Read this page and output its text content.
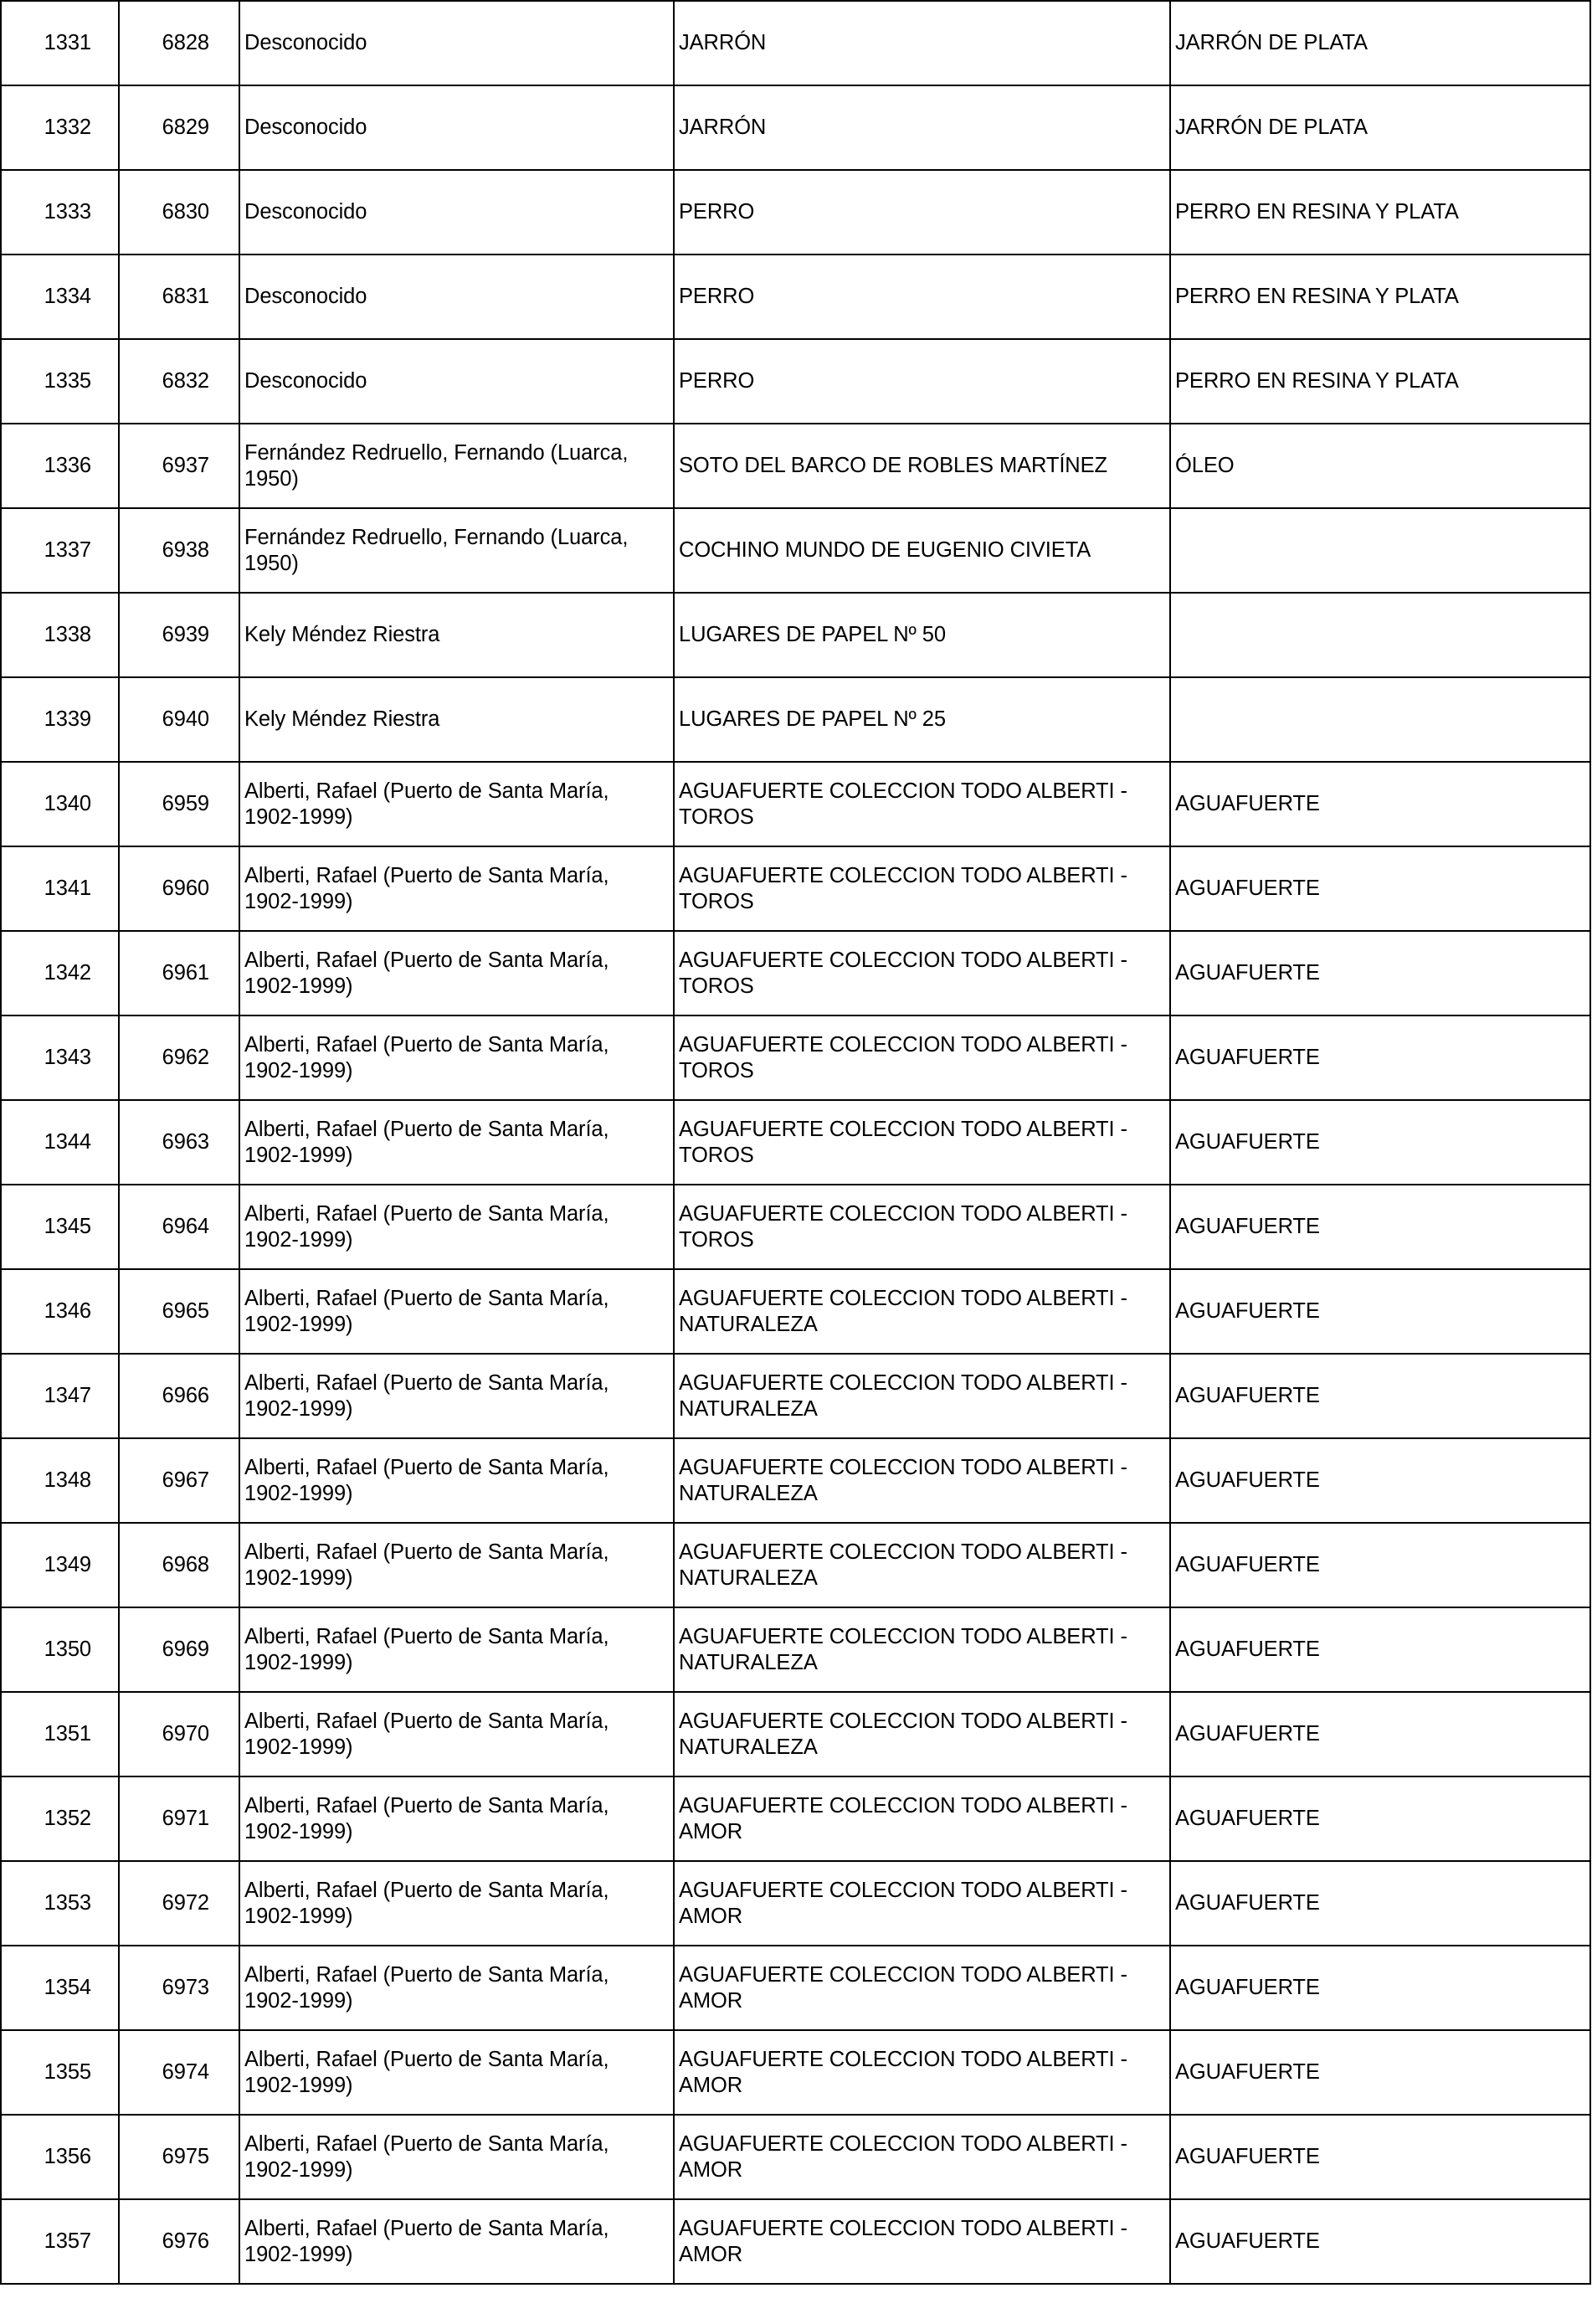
1331	6828	Desconocido	JARRÓN	JARRÓN DE PLATA
1332	6829	Desconocido	JARRÓN	JARRÓN DE PLATA
1333	6830	Desconocido	PERRO	PERRO EN RESINA Y PLATA
1334	6831	Desconocido	PERRO	PERRO EN RESINA Y PLATA
1335	6832	Desconocido	PERRO	PERRO EN RESINA Y PLATA
1336	6937	Fernández Redruello, Fernando (Luarca, 1950)	SOTO DEL BARCO DE ROBLES MARTÍNEZ	ÓLEO
1337	6938	Fernández Redruello, Fernando (Luarca, 1950)	COCHINO MUNDO DE EUGENIO CIVIETA	
1338	6939	Kely Méndez Riestra	LUGARES DE PAPEL Nº 50	
1339	6940	Kely Méndez Riestra	LUGARES DE PAPEL Nº 25	
1340	6959	Alberti, Rafael (Puerto de Santa María, 1902-1999)	AGUAFUERTE COLECCION TODO ALBERTI - TOROS	AGUAFUERTE
1341	6960	Alberti, Rafael (Puerto de Santa María, 1902-1999)	AGUAFUERTE COLECCION TODO ALBERTI - TOROS	AGUAFUERTE
1342	6961	Alberti, Rafael (Puerto de Santa María, 1902-1999)	AGUAFUERTE COLECCION TODO ALBERTI - TOROS	AGUAFUERTE
1343	6962	Alberti, Rafael (Puerto de Santa María, 1902-1999)	AGUAFUERTE COLECCION TODO ALBERTI - TOROS	AGUAFUERTE
1344	6963	Alberti, Rafael (Puerto de Santa María, 1902-1999)	AGUAFUERTE COLECCION TODO ALBERTI - TOROS	AGUAFUERTE
1345	6964	Alberti, Rafael (Puerto de Santa María, 1902-1999)	AGUAFUERTE COLECCION TODO ALBERTI - TOROS	AGUAFUERTE
1346	6965	Alberti, Rafael (Puerto de Santa María, 1902-1999)	AGUAFUERTE COLECCION TODO ALBERTI - NATURALEZA	AGUAFUERTE
1347	6966	Alberti, Rafael (Puerto de Santa María, 1902-1999)	AGUAFUERTE COLECCION TODO ALBERTI - NATURALEZA	AGUAFUERTE
1348	6967	Alberti, Rafael (Puerto de Santa María, 1902-1999)	AGUAFUERTE COLECCION TODO ALBERTI - NATURALEZA	AGUAFUERTE
1349	6968	Alberti, Rafael (Puerto de Santa María, 1902-1999)	AGUAFUERTE COLECCION TODO ALBERTI - NATURALEZA	AGUAFUERTE
1350	6969	Alberti, Rafael (Puerto de Santa María, 1902-1999)	AGUAFUERTE COLECCION TODO ALBERTI - NATURALEZA	AGUAFUERTE
1351	6970	Alberti, Rafael (Puerto de Santa María, 1902-1999)	AGUAFUERTE COLECCION TODO ALBERTI - NATURALEZA	AGUAFUERTE
1352	6971	Alberti, Rafael (Puerto de Santa María, 1902-1999)	AGUAFUERTE COLECCION TODO ALBERTI - AMOR	AGUAFUERTE
1353	6972	Alberti, Rafael (Puerto de Santa María, 1902-1999)	AGUAFUERTE COLECCION TODO ALBERTI - AMOR	AGUAFUERTE
1354	6973	Alberti, Rafael (Puerto de Santa María, 1902-1999)	AGUAFUERTE COLECCION TODO ALBERTI - AMOR	AGUAFUERTE
1355	6974	Alberti, Rafael (Puerto de Santa María, 1902-1999)	AGUAFUERTE COLECCION TODO ALBERTI - AMOR	AGUAFUERTE
1356	6975	Alberti, Rafael (Puerto de Santa María, 1902-1999)	AGUAFUERTE COLECCION TODO ALBERTI - AMOR	AGUAFUERTE
1357	6976	Alberti, Rafael (Puerto de Santa María, 1902-1999)	AGUAFUERTE COLECCION TODO ALBERTI - AMOR	AGUAFUERTE
